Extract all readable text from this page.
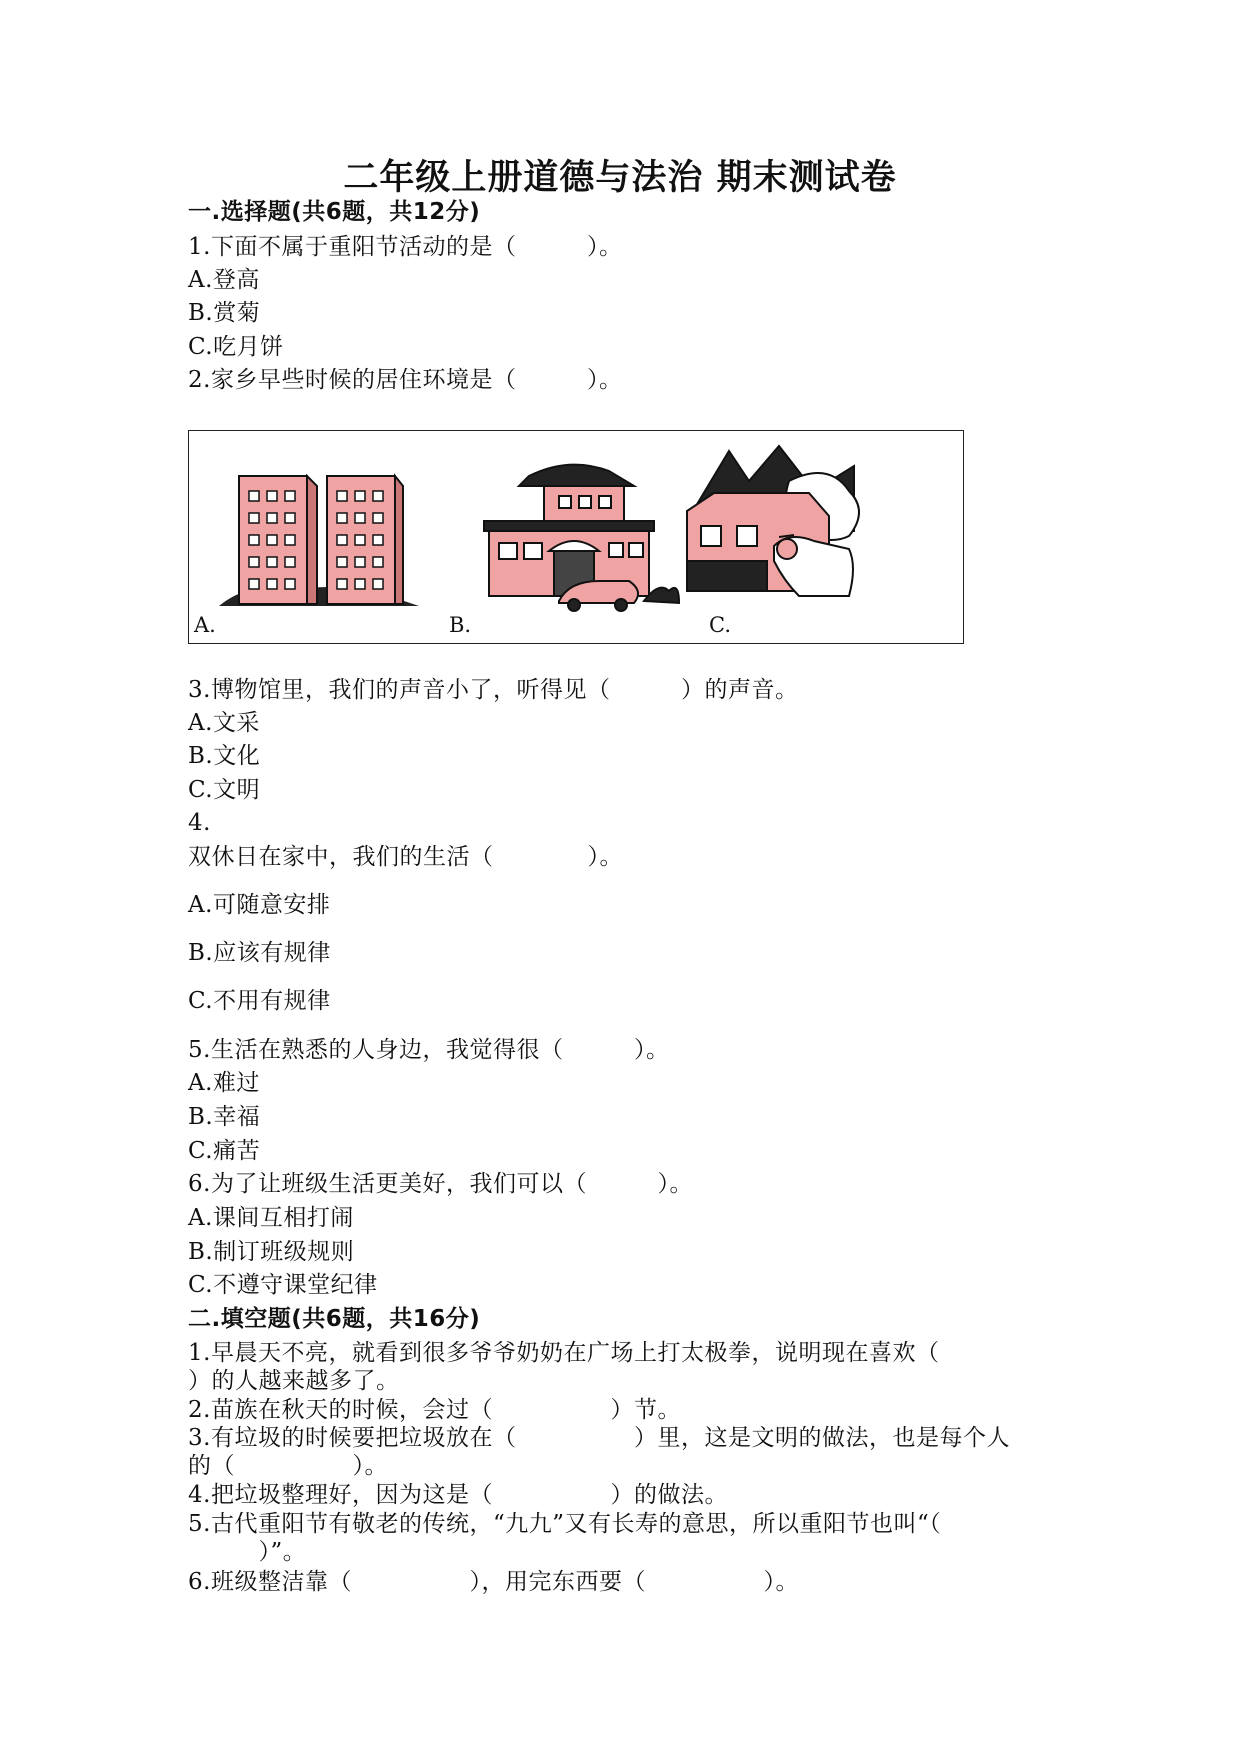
二年级上册道德与法治 期末测试卷
一.选择题(共6题，共12分)
1.下面不属于重阳节活动的是（　　　）。
A.登高
B.赏菊
C.吃月饼
2.家乡早些时候的居住环境是（　　　）。
A.	B.	C.
3.博物馆里，我们的声音小了，听得见（　　　）的声音。
A.文采
B.文化
C.文明
4.
双休日在家中，我们的生活（　　　　）。
A.可随意安排
B.应该有规律
C.不用有规律
5.生活在熟悉的人身边，我觉得很（　　　）。
A.难过
B.幸福
C.痛苦
6.为了让班级生活更美好，我们可以（　　　）。
A.课间互相打闹
B.制订班级规则
C.不遵守课堂纪律
二.填空题(共6题，共16分)
1.早晨天不亮，就看到很多爷爷奶奶在广场上打太极拳，说明现在喜欢（
）的人越来越多了。
2.苗族在秋天的时候，会过（　　　　　）节。
3.有垃圾的时候要把垃圾放在（　　　　　）里，这是文明的做法，也是每个人
的（　　　　　）。
4.把垃圾整理好，因为这是（　　　　　）的做法。
5.古代重阳节有敬老的传统，“九九”又有长寿的意思，所以重阳节也叫“（
　　　）”。
6.班级整洁靠（　　　　　），用完东西要（　　　　　）。
